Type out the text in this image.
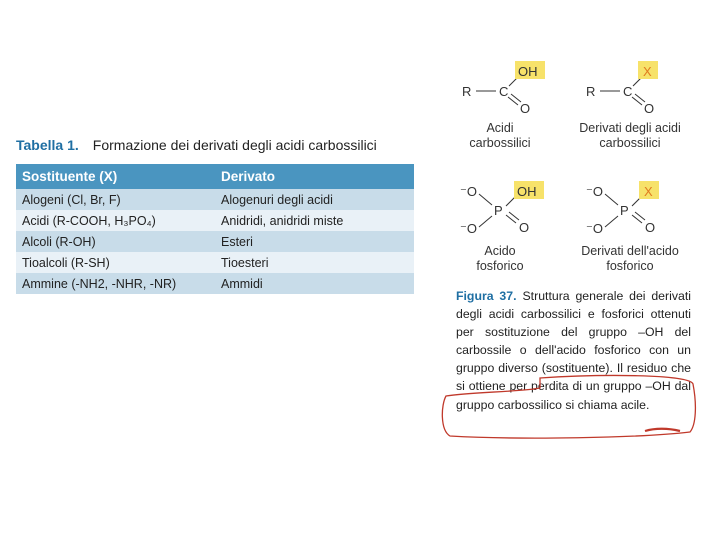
Tabella 1. Formazione dei derivati degli acidi carbossilici
Sostituente (X)	Derivato
Alogeni (Cl, Br, F)	Alogenuri degli acidi
Acidi (R-COOH, H₃PO₄)	Anidridi, anidridi miste
Alcoli (R-OH)	Esteri
Tioalcoli (R-SH)	Tioesteri
Ammine (-NH2, -NHR, -NR)	Ammidi
R C
OH
O
R C
X
O
⁻O
P
⁻O
OH
O
⁻O
P
⁻O
X
O
Acidi
carbossilici
Derivati degli acidi
carbossilici
Acido
fosforico
Derivati dell'acido
fosforico
Figura 37. Struttura generale dei derivati degli acidi carbossilici e fosforici ottenuti per sostituzione del gruppo –OH del carbossile o dell'acido fosforico con un gruppo diverso (sostituente). Il residuo che si ottiene per perdita di un gruppo –OH dal gruppo carbossilico si chiama acile.
